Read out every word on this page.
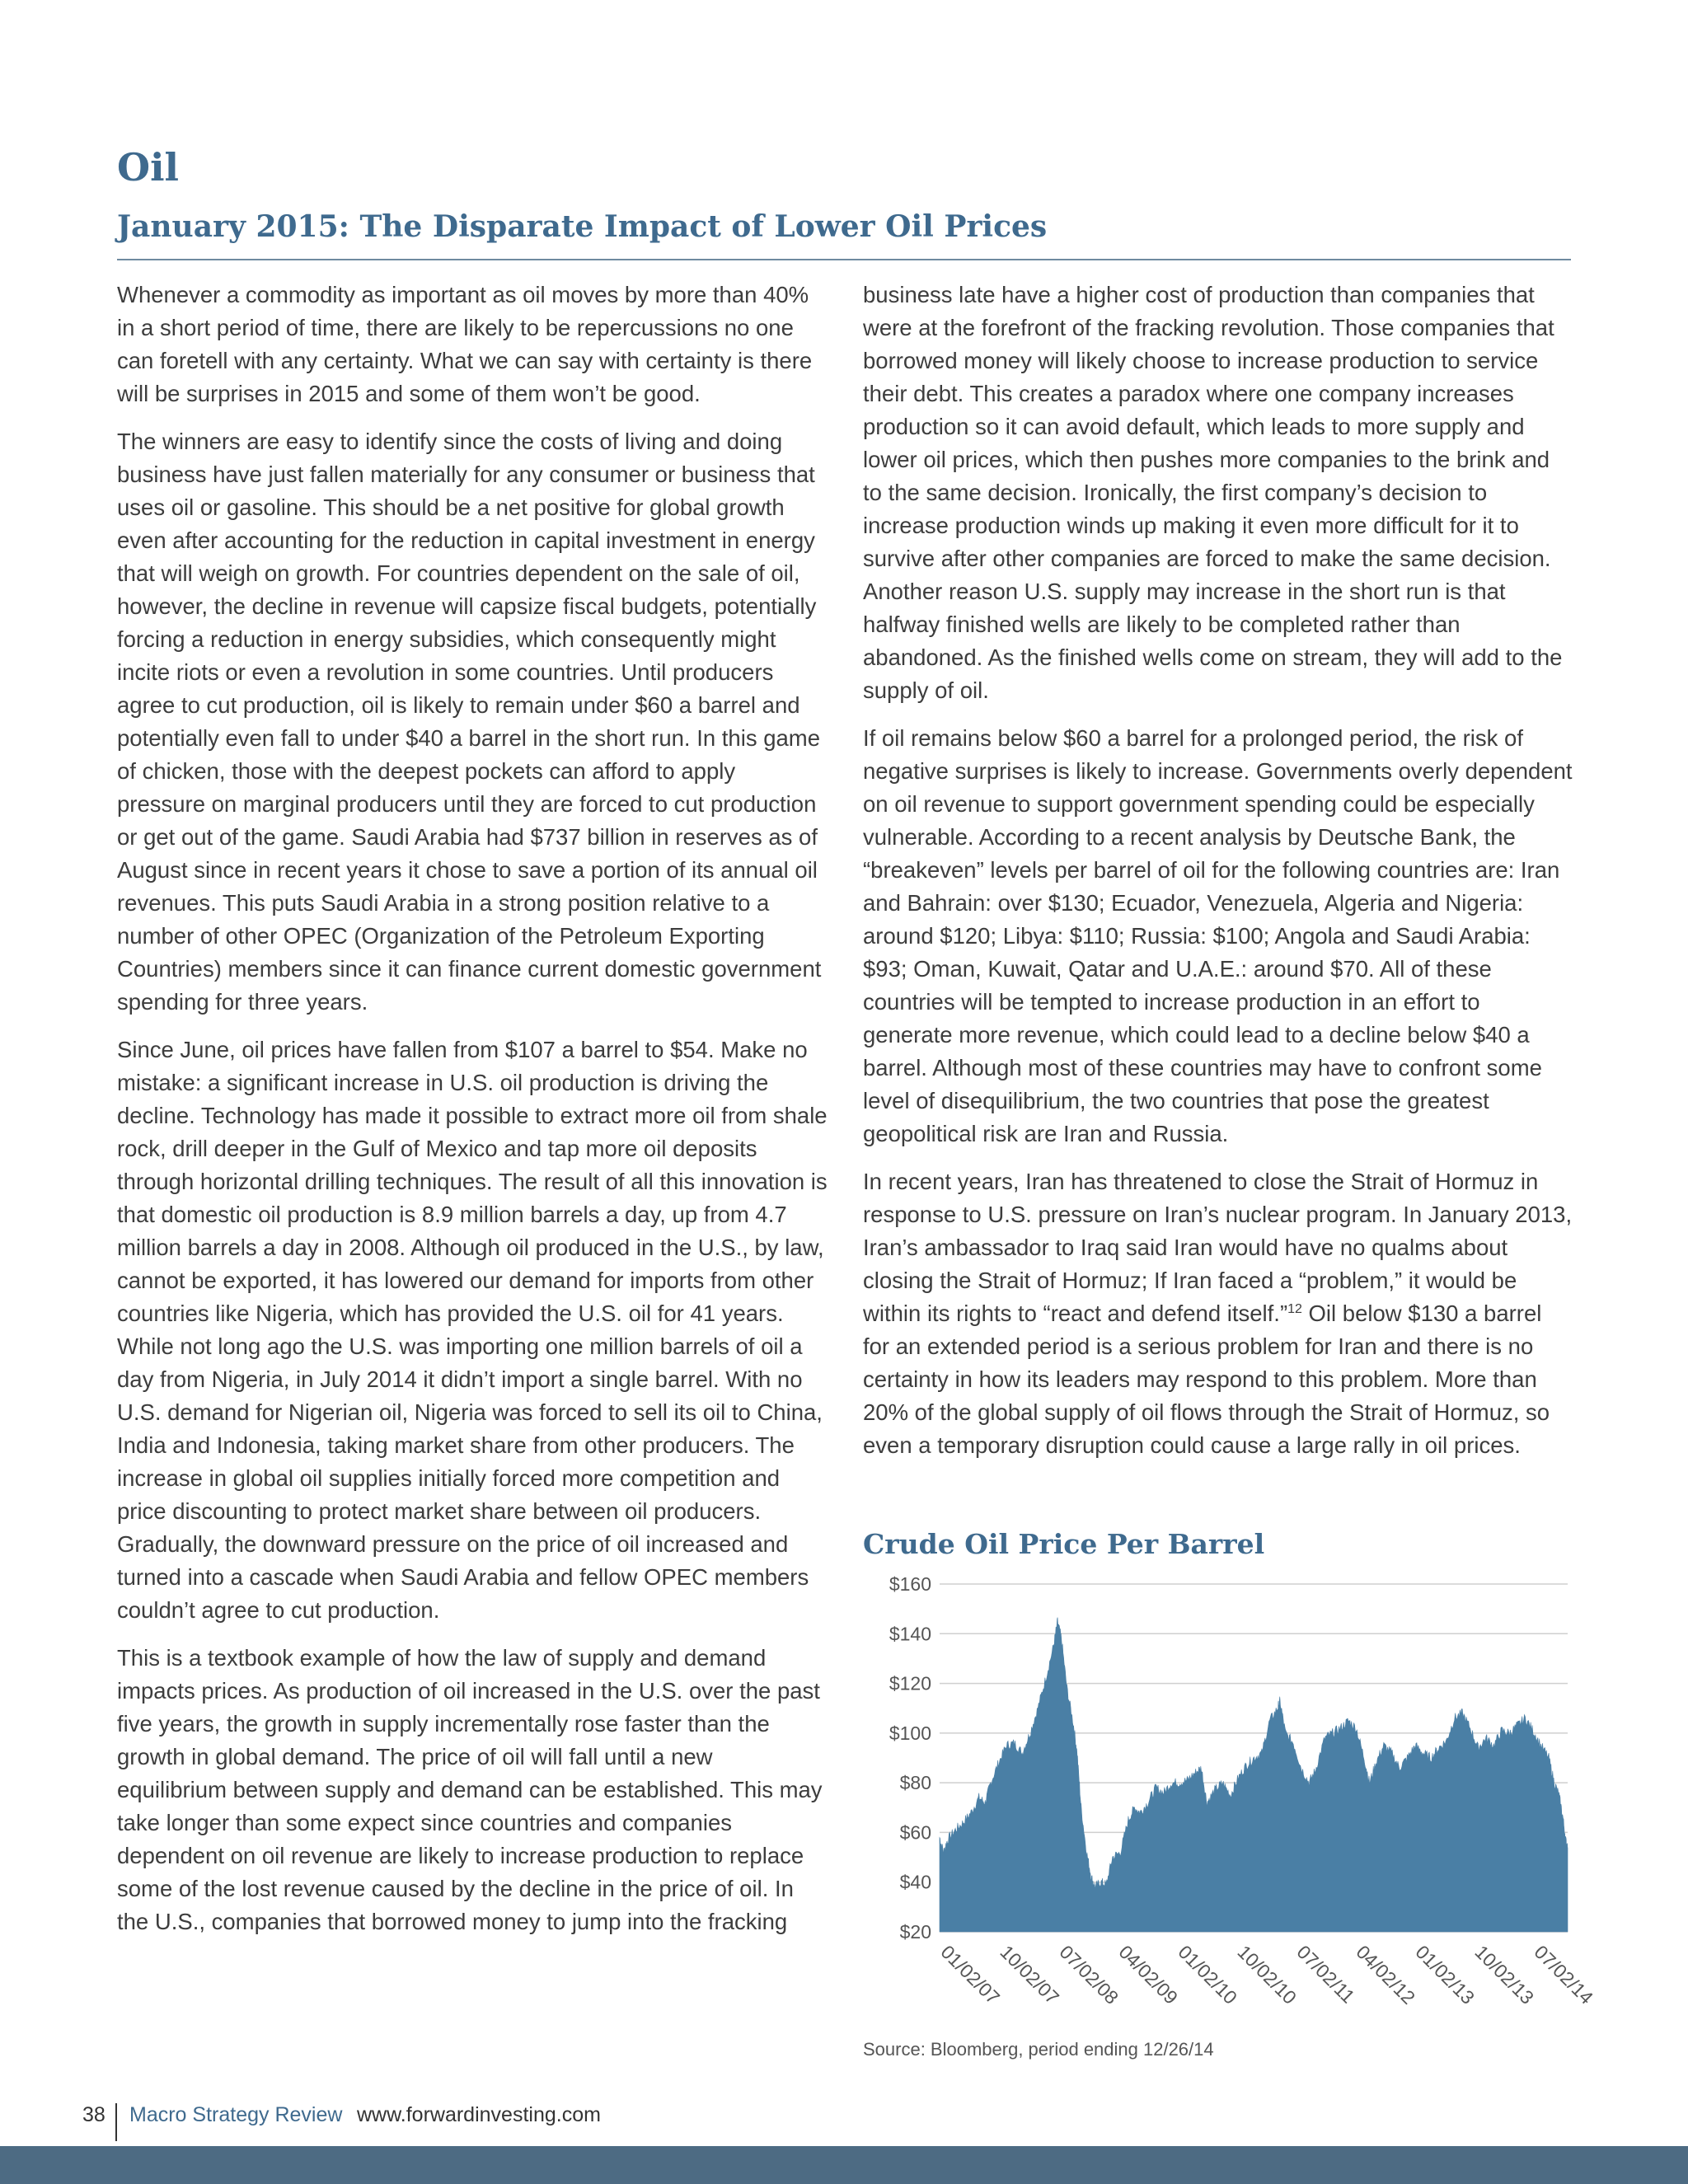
Oil
January 2015: The Disparate Impact of Lower Oil Prices

Whenever a commodity as important as oil moves by more than 40% in a short period of time, there are likely to be repercussions no one can foretell with any certainty. What we can say with certainty is there will be surprises in 2015 and some of them won’t be good.

The winners are easy to identify since the costs of living and doing business have just fallen materially for any consumer or business that uses oil or gasoline. This should be a net positive for global growth even after accounting for the reduction in capital investment in energy that will weigh on growth. For countries dependent on the sale of oil, however, the decline in revenue will capsize fiscal budgets, potentially forcing a reduction in energy subsidies, which consequently might incite riots or even a revolution in some countries. Until producers agree to cut production, oil is likely to remain under $60 a barrel and potentially even fall to under $40 a barrel in the short run. In this game of chicken, those with the deepest pockets can afford to apply pressure on marginal producers until they are forced to cut production or get out of the game. Saudi Arabia had $737 billion in reserves as of August since in recent years it chose to save a portion of its annual oil revenues. This puts Saudi Arabia in a strong position relative to a number of other OPEC (Organization of the Petroleum Exporting Countries) members since it can finance current domestic government spending for three years.

Since June, oil prices have fallen from $107 a barrel to $54. Make no mistake: a significant increase in U.S. oil production is driving the decline. Technology has made it possible to extract more oil from shale rock, drill deeper in the Gulf of Mexico and tap more oil deposits through horizontal drilling techniques. The result of all this innovation is that domestic oil production is 8.9 million barrels a day, up from 4.7 million barrels a day in 2008. Although oil produced in the U.S., by law, cannot be exported, it has lowered our demand for imports from other countries like Nigeria, which has provided the U.S. oil for 41 years. While not long ago the U.S. was importing one million barrels of oil a day from Nigeria, in July 2014 it didn’t import a single barrel. With no U.S. demand for Nigerian oil, Nigeria was forced to sell its oil to China, India and Indonesia, taking market share from other producers. The increase in global oil supplies initially forced more competition and price discounting to protect market share between oil producers. Gradually, the downward pressure on the price of oil increased and turned into a cascade when Saudi Arabia and fellow OPEC members couldn’t agree to cut production.

This is a textbook example of how the law of supply and demand impacts prices. As production of oil increased in the U.S. over the past five years, the growth in supply incrementally rose faster than the growth in global demand. The price of oil will fall until a new equilibrium between supply and demand can be established. This may take longer than some expect since countries and companies dependent on oil revenue are likely to increase production to replace some of the lost revenue caused by the decline in the price of oil. In the U.S., companies that borrowed money to jump into the fracking

business late have a higher cost of production than companies that were at the forefront of the fracking revolution. Those companies that borrowed money will likely choose to increase production to service their debt. This creates a paradox where one company increases production so it can avoid default, which leads to more supply and lower oil prices, which then pushes more companies to the brink and to the same decision. Ironically, the first company’s decision to increase production winds up making it even more difficult for it to survive after other companies are forced to make the same decision. Another reason U.S. supply may increase in the short run is that halfway finished wells are likely to be completed rather than abandoned. As the finished wells come on stream, they will add to the supply of oil.

If oil remains below $60 a barrel for a prolonged period, the risk of negative surprises is likely to increase. Governments overly dependent on oil revenue to support government spending could be especially vulnerable. According to a recent analysis by Deutsche Bank, the “breakeven” levels per barrel of oil for the following countries are: Iran and Bahrain: over $130; Ecuador, Venezuela, Algeria and Nigeria: around $120; Libya: $110; Russia: $100; Angola and Saudi Arabia: $93; Oman, Kuwait, Qatar and U.A.E.: around $70. All of these countries will be tempted to increase production in an effort to generate more revenue, which could lead to a decline below $40 a barrel. Although most of these countries may have to confront some level of disequilibrium, the two countries that pose the greatest geopolitical risk are Iran and Russia.

In recent years, Iran has threatened to close the Strait of Hormuz in response to U.S. pressure on Iran’s nuclear program. In January 2013, Iran’s ambassador to Iraq said Iran would have no qualms about closing the Strait of Hormuz; If Iran faced a “problem,” it would be within its rights to “react and defend itself.”$^{12}$ Oil below $130 a barrel for an extended period is a serious problem for Iran and there is no certainty in how its leaders may respond to this problem. More than 20% of the global supply of oil flows through the Strait of Hormuz, so even a temporary disruption could cause a large rally in oil prices.

Crude Oil Price Per Barrel
$160
$140
$120
$100
$80
$60
$40
$20
01/02/07
10/02/07
07/02/08
04/02/09
01/02/10
10/02/10
07/02/11
04/02/12
01/02/13
10/02/13
07/02/14
Source: Bloomberg, period ending 12/26/14
38 Macro Strategy Review www.forwardinvesting.com
